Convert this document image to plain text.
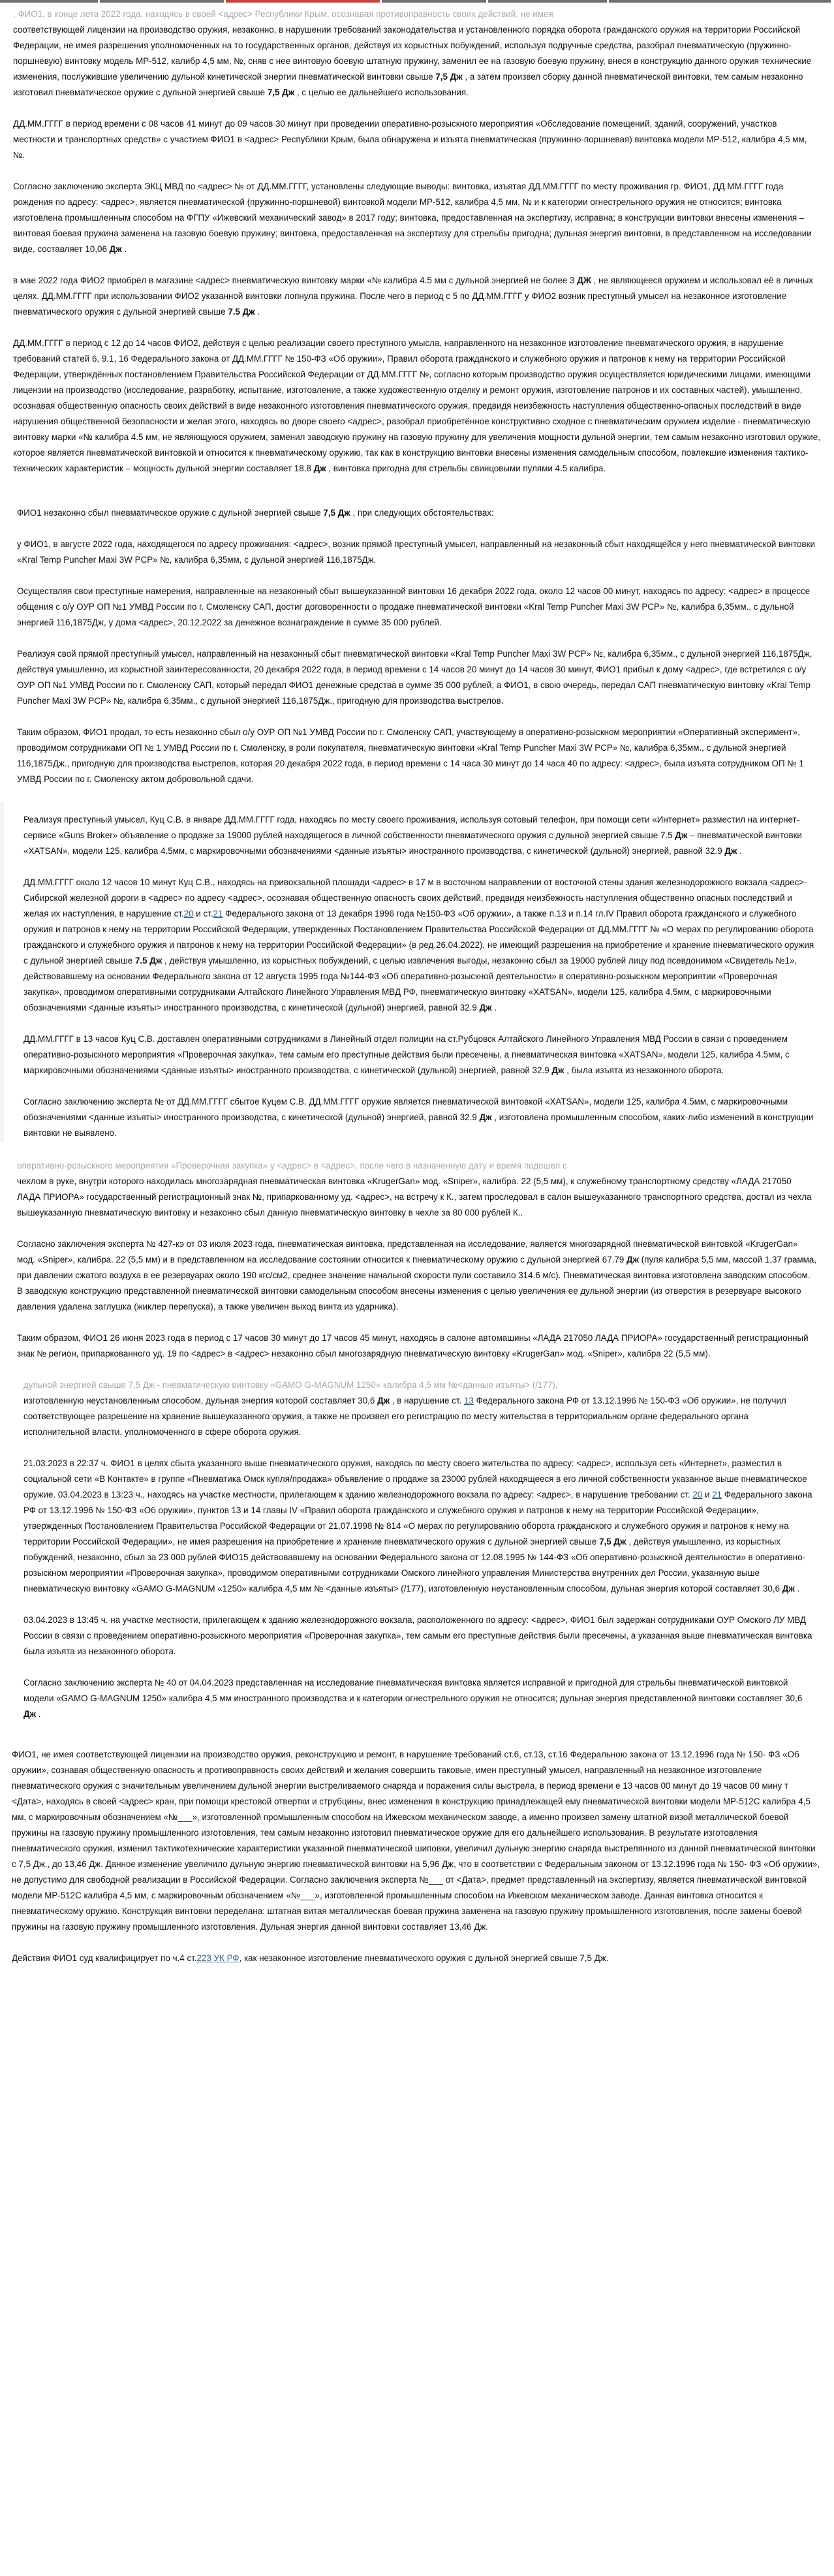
, ФИО1, в конце лета 2022 года, находясь в своей <адрес> Республики Крым, осознавая противоправность своих действий, не имея

соответствующей лицензии на производство оружия, незаконно, в нарушении требований законодательства и установленного порядка оборота гражданского оружия на территории Российской Федерации, не имея разрешения уполномоченных на то государственных органов, действуя из корыстных побуждений, используя подручные средства, разобрал пневматическую (пружинно-поршневую) винтовку модель МР-512, калибр 4,5 мм, №, сняв с нее винтовую боевую штатную пружину, заменил ее на газовую боевую пружину, внеся в конструкцию данного оружия технические изменения, послужившие увеличению дульной кинетической энергии пневматической винтовки свыше 7,5 Дж , а затем произвел сборку данной пневматической винтовки, тем самым незаконно изготовил пневматическое оружие с дульной энергией свыше 7,5 Дж , с целью ее дальнейшего использования.

ДД.ММ.ГГГГ в период времени с 08 часов 41 минут до 09 часов 30 минут при проведении оперативно-розыскного мероприятия «Обследование помещений, зданий, сооружений, участков местности и транспортных средств» с участием ФИО1 в <адрес> Республики Крым, была обнаружена и изъята пневматическая (пружинно-поршневая) винтовка модели МР-512, калибра 4,5 мм, №.

Согласно заключению эксперта ЭКЦ МВД по <адрес> № от ДД.ММ.ГГГГ, установлены следующие выводы: винтовка, изъятая ДД.ММ.ГГГГ по месту проживания гр. ФИО1, ДД.ММ.ГГГГ года рождения по адресу: <адрес>, является пневматической (пружинно-поршневой) винтовкой модели МР-512, калибра 4,5 мм, № и к категории огнестрельного оружия не относится; винтовка изготовлена промышленным способом на ФГПУ «Ижевский механический завод» в 2017 году; винтовка, предоставленная на экспертизу, исправна; в конструкции винтовки внесены изменения – винтовая боевая пружина заменена на газовую боевую пружину; винтовка, предоставленная на экспертизу для стрельбы пригодна; дульная энергия винтовки, в представленном на исследовании виде, составляет 10,06 Дж .

в мае 2022 года ФИО2 приобрёл в магазине <адрес> пневматическую винтовку марки «№ калибра 4.5 мм с дульной энергией не более 3 ДЖ , не являющееся оружием и использовал её в личных целях. ДД.ММ.ГГГГ при использовании ФИО2 указанной винтовки лопнула пружина. После чего в период с 5 по ДД.ММ.ГГГГ у ФИО2 возник преступный умысел на незаконное изготовление пневматического оружия с дульной энергией свыше 7.5 Дж .

ДД.ММ.ГГГГ в период с 12 до 14 часов ФИО2, действуя с целью реализации своего преступного умысла, направленного на незаконное изготовление пневматического оружия, в нарушение требований статей 6, 9.1, 16 Федерального закона от ДД.ММ.ГГГГ № 150-ФЗ «Об оружии», Правил оборота гражданского и служебного оружия и патронов к нему на территории Российской Федерации, утверждённых постановлением Правительства Российской Федерации от ДД.ММ.ГГГГ №, согласно которым производство оружия осуществляется юридическими лицами, имеющими лицензии на производство (исследование, разработку, испытание, изготовление, а также художественную отделку и ремонт оружия, изготовление патронов и их составных частей), умышленно, осознавая общественную опасность своих действий в виде незаконного изготовления пневматического оружия, предвидя неизбежность наступления общественно-опасных последствий в виде нарушения общественной безопасности и желая этого, находясь во дворе своего <адрес>, разобрал приобретённое конструктивно сходное с пневматическим оружием изделие - пневматическую винтовку марки «№ калибра 4.5 мм, не являющуюся оружием, заменил заводскую пружину на газовую пружину для увеличения мощности дульной энергии, тем самым незаконно изготовил оружие, которое является пневматической винтовкой и относится к пневматическому оружию, так как в конструкцию винтовки внесены изменения самодельным способом, повлекшие изменения тактико-технических характеристик – мощность дульной энергии составляет 18.8 Дж , винтовка пригодна для стрельбы свинцовыми пулями 4.5 калибра.

ФИО1 незаконно сбыл пневматическое оружие с дульной энергией свыше 7,5 Дж , при следующих обстоятельствах:

у ФИО1, в августе 2022 года, находящегося по адресу проживания: <адрес>, возник прямой преступный умысел, направленный на незаконный сбыт находящейся у него пневматической винтовки «Kral Temp Puncher Maxi 3W PCP» №, калибра 6,35мм, с дульной энергией 116,1875Дж.

Осуществляя свои преступные намерения, направленные на незаконный сбыт вышеуказанной винтовки 16 декабря 2022 года, около 12 часов 00 минут, находясь по адресу: <адрес> в процессе общения с о/у ОУР ОП №1 УМВД России по г. Смоленску САП, достиг договоренности о продаже пневматической винтовки «Kral Temp Puncher Maxi 3W PCP» №, калибра 6,35мм., с дульной энергией 116,1875Дж, у дома <адрес>, 20.12.2022 за денежное вознаграждение в сумме 35 000 рублей.

Реализуя свой прямой преступный умысел, направленный на незаконный сбыт пневматической винтовки «Kral Temp Puncher Maxi 3W PCP» №, калибра 6,35мм., с дульной энергией 116,1875Дж, действуя умышленно, из корыстной заинтересованности, 20 декабря 2022 года, в период времени с 14 часов 20 минут до 14 часов 30 минут, ФИО1 прибыл к дому <адрес>, где встретился с о/у ОУР ОП №1 УМВД России по г. Смоленску САП, который передал ФИО1 денежные средства в сумме 35 000 рублей, а ФИО1, в свою очередь, передал САП пневматическую винтовку «Kral Temp Puncher Maxi 3W PCP» №, калибра 6,35мм., с дульной энергией 116,1875Дж., пригодную для производства выстрелов.

Таким образом, ФИО1 продал, то есть незаконно сбыл о/у ОУР ОП №1 УМВД России по г. Смоленску САП, участвующему в оперативно-розыскном мероприятии «Оперативный эксперимент», проводимом сотрудниками ОП № 1 УМВД России по г. Смоленску, в роли покупателя, пневматическую винтовки «Kral Temp Puncher Maxi 3W PCP» №, калибра 6,35мм., с дульной энергией 116,1875Дж., пригодную для производства выстрелов, которая 20 декабря 2022 года, в период времени с 14 часа 30 минут до 14 часа 40 по адресу: <адрес>, была изъята сотрудником ОП № 1 УМВД России по г. Смоленску актом добровольной сдачи.

Реализуя преступный умысел, Куц С.В. в январе ДД.ММ.ГГГГ года, находясь по месту своего проживания, используя сотовый телефон, при помощи сети «Интернет» разместил на интернет-сервисе «Guns Broker» объявление о продаже за 19000 рублей находящегося в личной собственности пневматического оружия с дульной энергией свыше 7.5 Дж – пневматической винтовки «XATSAN», модели 125, калибра 4.5мм, с маркировочными обозначениями <данные изъяты> иностранного производства, с кинетической (дульной) энергией, равной 32.9 Дж .

ДД.ММ.ГГГГ около 12 часов 10 минут Куц С.В., находясь на привокзальной площади <адрес> в 17 м в восточном направлении от восточной стены здания железнодорожного вокзала <адрес>-Сибирской железной дороги в <адрес> по адресу <адрес>, осознавая общественную опасность своих действий, предвидя неизбежность наступления общественно опасных последствий и желая их наступления, в нарушение ст.20 и ст.21 Федерального закона от 13 декабря 1996 года №150-ФЗ «Об оружии», а также п.13 и п.14 гл.IV Правил оборота гражданского и служебного оружия и патронов к нему на территории Российской Федерации, утвержденных Постановлением Правительства Российской Федерации от ДД.ММ.ГГГГ № «О мерах по регулированию оборота гражданского и служебного оружия и патронов к нему на территории Российской Федерации» (в ред.26.04.2022), не имеющий разрешения на приобретение и хранение пневматического оружия с дульной энергией свыше 7.5 Дж , действуя умышленно, из корыстных побуждений, с целью извлечения выгоды, незаконно сбыл за 19000 рублей лицу под псевдонимом «Свидетель №1», действовавшему на основании Федерального закона от 12 августа 1995 года №144-ФЗ «Об оперативно-розыскной деятельности» в оперативно-розыскном мероприятии «Проверочная закупка», проводимом оперативными сотрудниками Алтайского Линейного Управления МВД РФ, пневматическую винтовку «XATSAN», модели 125, калибра 4.5мм, с маркировочными обозначениями <данные изъяты> иностранного производства, с кинетической (дульной) энергией, равной 32.9 Дж .

ДД.ММ.ГГГГ в 13 часов Куц С.В. доставлен оперативными сотрудниками в Линейный отдел полиции на ст.Рубцовск Алтайского Линейного Управления МВД России в связи с проведением оперативно-розыскного мероприятия «Проверочная закупка», тем самым его преступные действия были пресечены, а пневматическая винтовка «XATSAN», модели 125, калибра 4.5мм, с маркировочными обозначениями <данные изъяты> иностранного производства, с кинетической (дульной) энергией, равной 32.9 Дж , была изъята из незаконного оборота.

Согласно заключению эксперта № от ДД.ММ.ГГГГ сбытое Куцем С.В. ДД.ММ.ГГГГ оружие является пневматической винтовкой «XATSAN», модели 125, калибра 4.5мм, с маркировочными обозначениями <данные изъяты> иностранного производства, с кинетической (дульной) энергией, равной 32.9 Дж , изготовлена промышленным способом, каких-либо изменений в конструкции винтовки не выявлено.

оперативно-розыскного мероприятия «Проверочная закупка» у <адрес> в <адрес>, после чего в назначенную дату и время подошел с

чехлом в руке, внутри которого находилась многозарядная пневматическая винтовка «KrugerGan» мод. «Sniper», калибра. 22 (5,5 мм), к служебному транспортному средству «ЛАДА 217050 ЛАДА ПРИОРА» государственный регистрационный знак №, припаркованному уд. <адрес>, на встречу к К., затем проследовал в салон вышеуказанного транспортного средства, достал из чехла вышеуказанную пневматическую винтовку и незаконно сбыл данную пневматическую винтовку в чехле за 80 000 рублей К..

Согласно заключения эксперта № 427-кэ от 03 июля 2023 года, пневматическая винтовка, представленная на исследование, является многозарядной пневматической винтовкой «KrugerGan» мод. «Sniper», калибра. 22 (5,5 мм) и в представленном на исследование состоянии относится к пневматическому оружию с дульной энергией 67.79 Дж (пуля калибра 5,5 мм, массой 1,37 грамма, при давлении сжатого воздуха в ее резервуарах около 190 кгс/см2, среднее значение начальной скорости пули составило 314.6 м/с). Пневматическая винтовка изготовлена заводским способом. В заводскую конструкцию представленной пневматической винтовки самодельным способом внесены изменения с целью увеличения ее дульной энергии (из отверстия в резервуаре высокого давления удалена заглушка (жиклер перепуска), а также увеличен выход винта из ударника).

Таким образом, ФИО1 26 июня 2023 года в период с 17 часов 30 минут до 17 часов 45 минут, находясь в салоне автомашины «ЛАДА 217050 ЛАДА ПРИОРА» государственный регистрационный знак № регион, припаркованного уд. 19 по <адрес> в <адрес> незаконно сбыл многозарядную пневматическую винтовку «KrugerGan» мод. «Sniper», калибра 22 (5,5 мм).

дульной энергией свыше 7,5 Дж - пневматическую винтовку «GAMO G-MAGNUM 1250» калибра 4,5 мм №<данные изъяты> (/177),

изготовленную неустановленным способом, дульная энергия которой составляет 30,6 Дж , в нарушение ст. 13 Федерального закона РФ от 13.12.1996 № 150-ФЗ «Об оружии», не получил соответствующее разрешение на хранение вышеуказанного оружия, а также не произвел его регистрацию по месту жительства в территориальном органе федерального органа исполнительной власти, уполномоченного в сфере оборота оружия.

21.03.2023 в 22:37 ч. ФИО1 в целях сбыта указанного выше пневматического оружия, находясь по месту своего жительства по адресу: <адрес>, используя сеть «Интернет», разместил в социальной сети «В Контакте» в группе «Пневматика Омск купля/продажа» объявление о продаже за 23000 рублей находящееся в его личной собственности указанное выше пневматическое оружие. 03.04.2023 в 13:23 ч., находясь на участке местности, прилегающем к зданию железнодорожного вокзала по адресу: <адрес>, в нарушение требовании ст. 20 и 21 Федерального закона РФ от 13.12.1996 № 150-ФЗ «Об оружии», пунктов 13 и 14 главы IV «Правил оборота гражданского и служебного оружия и патронов к нему на территории Российской Федерации», утвержденных Постановлением Правительства Российской Федерации от 21.07.1998 № 814 «О мерах по регулированию оборота гражданского и служебного оружия и патронов к нему на территории Российской Федерации», не имея разрешения на приобретение и хранение пневматического оружия с дульной энергией свыше 7,5 Дж , действуя умышленно, из корыстных побуждений, незаконно, сбыл за 23 000 рублей ФИО15 действовавшему на основании Федерального закона от 12.08.1995 № 144-ФЗ «Об оперативно-розыскной деятельности» в оперативно-розыскном мероприятии «Проверочная закупка», проводимом оперативными сотрудниками Омского линейного управления Министерства внутренних дел России, указанную выше пневматическую винтовку «GAMO G-MAGNUM «1250» калибра 4,5 мм № <данные изъяты> (/177), изготовленную неустановленным способом, дульная энергия которой составляет 30,6 Дж .

03.04.2023 в 13:45 ч. на участке местности, прилегающем к зданию железнодорожного вокзала, расположенного по адресу: <адрес>, ФИО1 был задержан сотрудниками ОУР Омского ЛУ МВД России в связи с проведением оперативно-розыскного мероприятия «Проверочная закупка», тем самым его преступные действия были пресечены, а указанная выше пневматическая винтовка была изъята из незаконного оборота.

Согласно заключению эксперта № 40 от 04.04.2023 представленная на исследование пневматическая винтовка является исправной и пригодной для стрельбы пневматической винтовкой модели «GAMO G-MAGNUM 1250» калибра 4,5 мм иностранного производства и к категории огнестрельного оружия не относится; дульная энергия представленной винтовки составляет 30,6 Дж .

ФИО1, не имея соответствующей лицензии на производство оружия, реконструкцию и ремонт, в нарушение требований ст.6, ст.13, ст.16 Федеральною закона от 13.12.1996 года № 150- ФЗ «Об оружии», сознавая общественную опасность и противоправность своих действий и желания совершить таковые, имен преступный умысел, направленный на незаконное изготовление пневматического оружия с значительным увеличением дульной энергии выстреливаемого снаряда и поражения силы выстрела, в период времени е 13 часов 00 минут до 19 часов 00 мину т <Дата>, находясь в своей <адрес> кран, при помощи крестовой отвертки и струбцины, внес изменения в конструкцию принадлежащей ему пневматической винтовки модели МР-512С калибра 4,5 мм, с маркировочным обозначением «№___», изготовленной промышленным способом на Ижевском механическом заводе, а именно произвел замену штатной визой металлической боевой пружины на газовую пружину промышленного изготовления, тем самым незаконно изготовил пневматическое оружие для его дальнейшего использования. В результате изготовления пневматического оружия, изменил тактикотехнические характеристики указанной пневматической шиповки, увеличил дульную энергию снаряда выстрелянного из данной пневматической винтовки с 7,5 Дж., до 13,46 Дж. Данное изменение увеличило дульную энергию пневматической винтовки на 5,96 Дж, что в соответствии с Федеральным законом от 13.12.1996 года № 150- ФЗ «Об оружии», не допустимо для свободной реализации в Российской Федерации. Согласно заключения эксперта №___ от <Дата>, предмет представленный на экспертизу, является пневматической винтовкой модели МР-512С калибра 4,5 мм, с маркировочным обозначением «№___», изготовленной промышленным способом на Ижевском механическом заводе. Данная винтовка относится к пневматическому оружию. Конструкция винтовки переделана: штатная витая металлическая боевая пружина заменена на газовую пружину промышленного изготовления, после замены боевой пружины на газовую пружину промышленного изготовления. Дульная энергия данной винтовки составляет 13,46 Дж.

Действия ФИО1 суд квалифицирует по ч.4 ст.223 УК РФ, как незаконное изготовление пневматического оружия с дульной энергией свыше 7,5 Дж.
